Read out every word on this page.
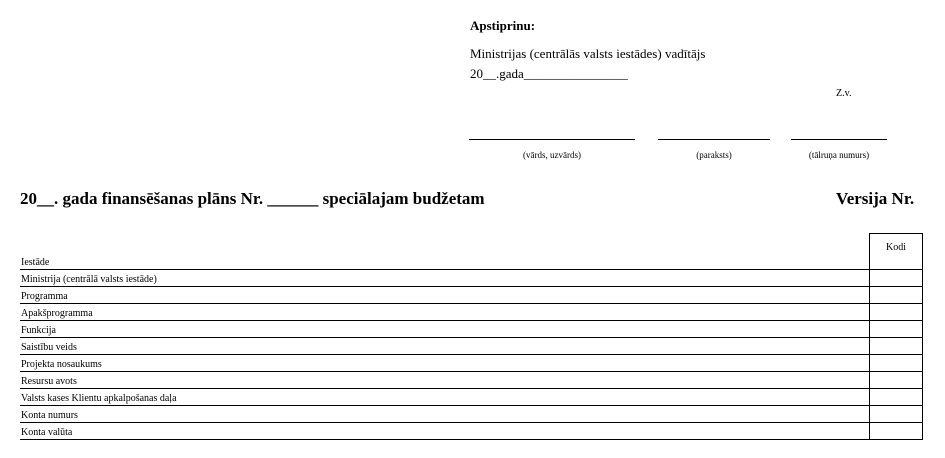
Apstiprinu:
Ministrijas (centrālās valsts iestādes) vadītājs
20__.gada________________
Z.v.
(vārds, uzvārds)	(paraksts)	(tālruņa numurs)
20__. gada finansēšanas plāns Nr. ______ speciālajam budžetam	Versija Nr.
Kodi
Iestāde
Ministrija (centrālā valsts iestāde)
Programma
Apakšprogramma
Funkcija
Saistību veids
Projekta nosaukums
Resursu avots
Valsts kases Klientu apkalpošanas daļa
Konta numurs
Konta valūta
